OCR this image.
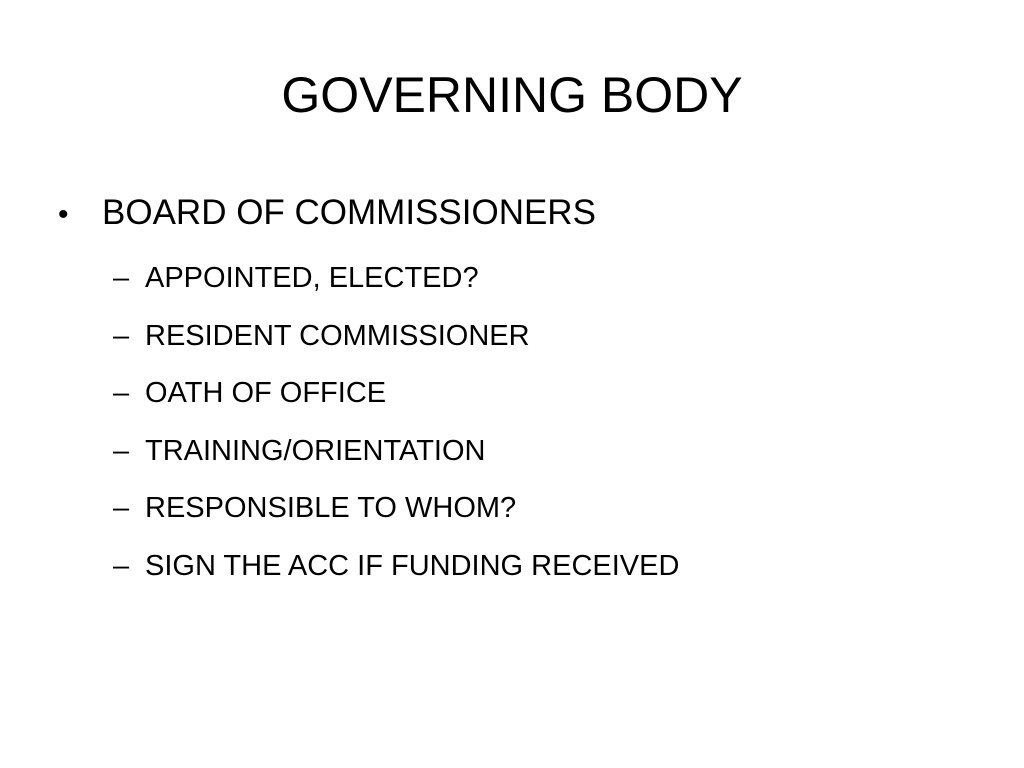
GOVERNING BODY
• BOARD OF COMMISSIONERS
– APPOINTED, ELECTED?
– RESIDENT COMMISSIONER
– OATH OF OFFICE
– TRAINING/ORIENTATION
– RESPONSIBLE TO WHOM?
– SIGN THE ACC IF FUNDING RECEIVED
